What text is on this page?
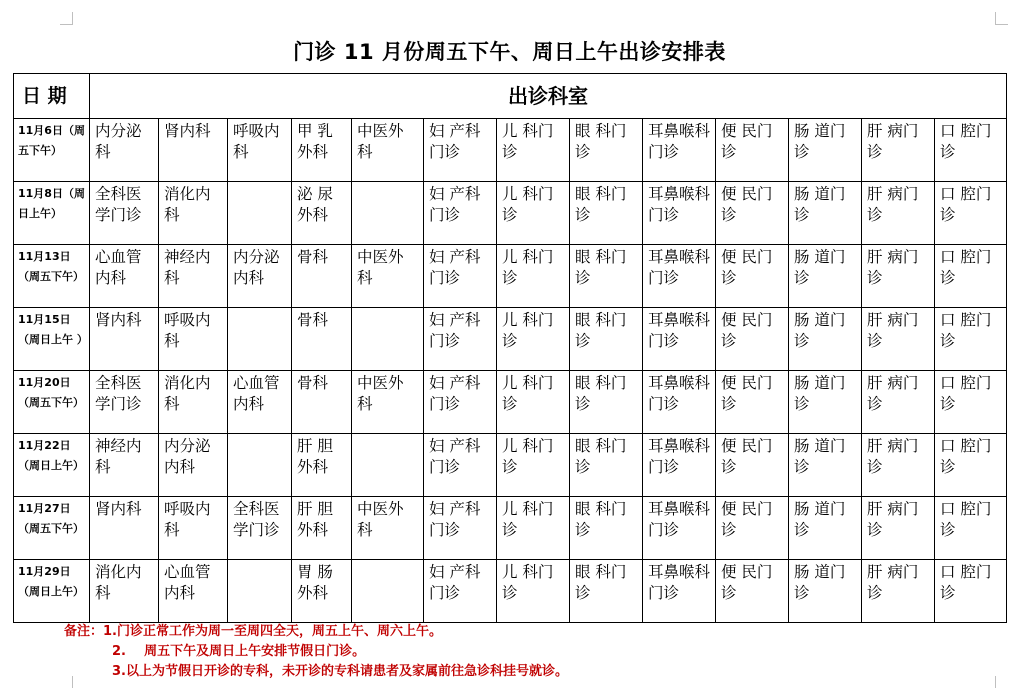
门诊 11 月份周五下午、周日上午出诊安排表
日 期	出诊科室												
11月6日（周五下午）	内分泌科	肾内科	呼吸内科	甲 乳外科	中医外科	妇 产科门诊	儿 科门 诊	眼 科门 诊	耳鼻喉科门诊	便 民门 诊	肠 道门 诊	肝 病门 诊	口 腔门 诊
11月8日（周日上午）	全科医学门诊	消化内科		泌 尿外科		妇 产科门诊	儿 科门 诊	眼 科门 诊	耳鼻喉科门诊	便 民门 诊	肠 道门 诊	肝 病门 诊	口 腔门 诊
11月13日（周五下午）	心血管内科	神经内科	内分泌内科	骨科	中医外科	妇 产科门诊	儿 科门 诊	眼 科门 诊	耳鼻喉科门诊	便 民门 诊	肠 道门 诊	肝 病门 诊	口 腔门 诊
11月15日（周日上午 ）	肾内科	呼吸内科		骨科		妇 产科门诊	儿 科门 诊	眼 科门 诊	耳鼻喉科门诊	便 民门 诊	肠 道门 诊	肝 病门 诊	口 腔门 诊
11月20日（周五下午）	全科医学门诊	消化内科	心血管内科	骨科	中医外科	妇 产科门诊	儿 科门 诊	眼 科门 诊	耳鼻喉科门诊	便 民门 诊	肠 道门 诊	肝 病门 诊	口 腔门 诊
11月22日（周日上午）	神经内科	内分泌内科		肝 胆外科		妇 产科门诊	儿 科门 诊	眼 科门 诊	耳鼻喉科门诊	便 民门 诊	肠 道门 诊	肝 病门 诊	口 腔门 诊
11月27日（周五下午）	肾内科	呼吸内科	全科医学门诊	肝 胆外科	中医外科	妇 产科门诊	儿 科门 诊	眼 科门 诊	耳鼻喉科门诊	便 民门 诊	肠 道门 诊	肝 病门 诊	口 腔门 诊
11月29日（周日上午）	消化内科	心血管内科		胃 肠外科		妇 产科门诊	儿 科门 诊	眼 科门 诊	耳鼻喉科门诊	便 民门 诊	肠 道门 诊	肝 病门 诊	口 腔门 诊
备注：1.门诊正常工作为周一至周四全天，周五上午、周六上午。
2.    周五下午及周日上午安排节假日门诊。
3.以上为节假日开诊的专科，未开诊的专科请患者及家属前往急诊科挂号就诊。
